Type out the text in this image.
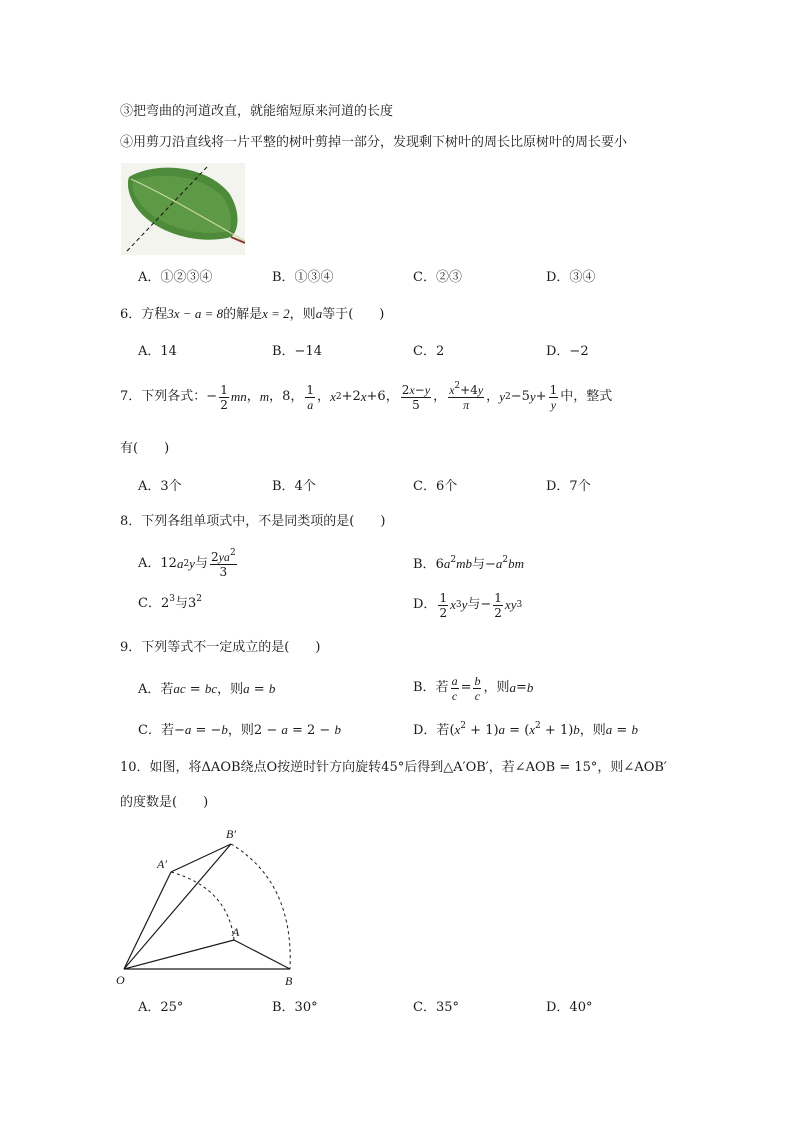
③把弯曲的河道改直，就能缩短原来河道的长度
④用剪刀沿直线将一片平整的树叶剪掉一部分，发现剩下树叶的周长比原树叶的周长要小
A．①②③④	B．①③④	C．②③	D．③④
6．方程3x − a = 8的解是x = 2，则a等于(　　)
A．14	B．−14	C．2	D．−2
7．下列各式： − $\frac{1}{2}$ mn ， m ，8， $\frac{1}{a}$ ， x 2 +2 x +6， $\frac{2x-y}{5}$ ， $\frac{x^2+4y}{\pi}$ ， y 2 −5 $y + \frac{1}{y}$ 中，整式
有(　　)
A．3个	B．4个	C．6个	D．7个
8．下列各组单项式中，不是同类项的是(　　)
A． 12 a 2 y 与 $\frac{2ya^2}{3}$	B．$6a^2mb$与$-a^2bm$
C．$2^3$与$3^2$	D． $\frac{1}{2}$ x 3 y 与− $\frac{1}{2}$ xy 3
9．下列等式不一定成立的是(　　)
A．若ac = bc，则a = b	B．若 $\frac{a}{c} = \frac{b}{c}$ ，则 a = b
C．若−a = −b，则2 − a = 2 − b	D．若$(x^2 + 1)a = (x^2 + 1)b$，则a = b
10．如图，将ΔAOB绕点O按逆时针方向旋转45°后得到△A′OB′，若∠AOB = 15°，则∠AOB′
的度数是(　　)
O
A
B
A′
B′
A．25°	B．30°	C．35°	D．40°
